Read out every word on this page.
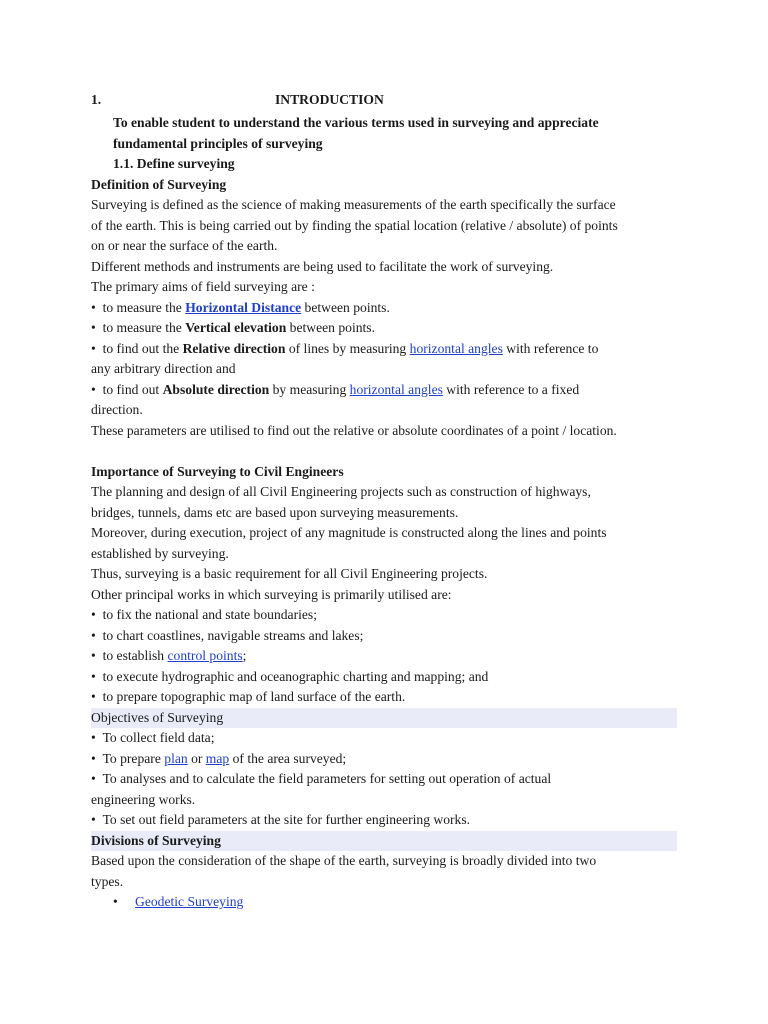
1.	INTRODUCTION
To enable student to understand the various terms used in surveying and appreciate
fundamental principles of surveying
1.1. Define surveying
Definition of Surveying
Surveying is defined as the science of making measurements of the earth specifically the surface
of the earth. This is being carried out by finding the spatial location (relative / absolute) of points
on or near the surface of the earth.
Different methods and instruments are being used to facilitate the work of surveying.
The primary aims of field surveying are :
• to measure the Horizontal Distance between points.
• to measure the Vertical elevation between points.
• to find out the Relative direction of lines by measuring horizontal angles with reference to
any arbitrary direction and
• to find out Absolute direction by measuring horizontal angles with reference to a fixed
direction.
These parameters are utilised to find out the relative or absolute coordinates of a point / location.
Importance of Surveying to Civil Engineers
The planning and design of all Civil Engineering projects such as construction of highways,
bridges, tunnels, dams etc are based upon surveying measurements.
Moreover, during execution, project of any magnitude is constructed along the lines and points
established by surveying.
Thus, surveying is a basic requirement for all Civil Engineering projects.
Other principal works in which surveying is primarily utilised are:
• to fix the national and state boundaries;
• to chart coastlines, navigable streams and lakes;
• to establish control points;
• to execute hydrographic and oceanographic charting and mapping; and
• to prepare topographic map of land surface of the earth.
Objectives of Surveying
• To collect field data;
• To prepare plan or map of the area surveyed;
• To analyses and to calculate the field parameters for setting out operation of actual
engineering works.
• To set out field parameters at the site for further engineering works.
Divisions of Surveying
Based upon the consideration of the shape of the earth, surveying is broadly divided into two
types.
•	Geodetic Surveying
